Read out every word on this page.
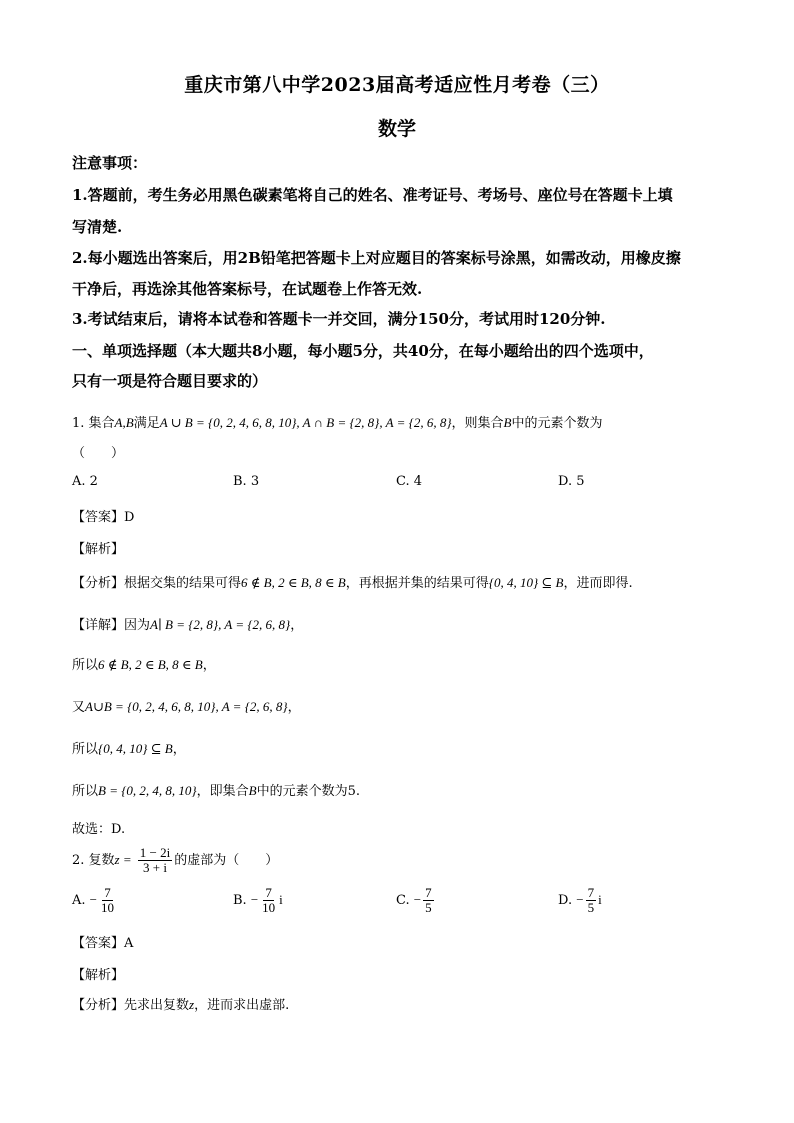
重庆市第八中学2023届高考适应性月考卷（三）
数学
注意事项：
1.答题前，考生务必用黑色碳素笔将自己的姓名、准考证号、考场号、座位号在答题卡上填
写清楚.
2.每小题选出答案后，用2B铅笔把答题卡上对应题目的答案标号涂黑，如需改动，用橡皮擦
干净后，再选涂其他答案标号，在试题卷上作答无效.
3.考试结束后，请将本试卷和答题卡一并交回，满分150分，考试用时120分钟.
一、单项选择题（本大题共8小题，每小题5分，共40分，在每小题给出的四个选项中，
只有一项是符合题目要求的）
1. 集合A,B满足A ∪ B = {0, 2, 4, 6, 8, 10}, A ∩ B = {2, 8}, A = {2, 6, 8}，则集合B中的元素个数为
（　　）
A. 2	B. 3	C. 4	D. 5
【答案】D
【解析】
【分析】根据交集的结果可得6 ∉ B, 2 ∈ B, 8 ∈ B，再根据并集的结果可得{0, 4, 10} ⊆ B，进而即得.
【详解】因为A∣ B = {2, 8}, A = {2, 6, 8}，
所以6 ∉ B, 2 ∈ B, 8 ∈ B，
又A∪B = {0, 2, 4, 6, 8, 10}, A = {2, 6, 8}，
所以{0, 4, 10} ⊆ B，
所以B = {0, 2, 4, 8, 10}，即集合B中的元素个数为5.
故选：D.
2. 复数$z = \frac{1 - 2i}{3 + i}$ 的虚部为（　　）
A. − $\frac{7}{10}$	B. − $\frac{7}{10}$ i	C. − $\frac{7}{5}$	D. − $\frac{7}{5}$ i
【答案】A
【解析】
【分析】先求出复数z，进而求出虚部.
